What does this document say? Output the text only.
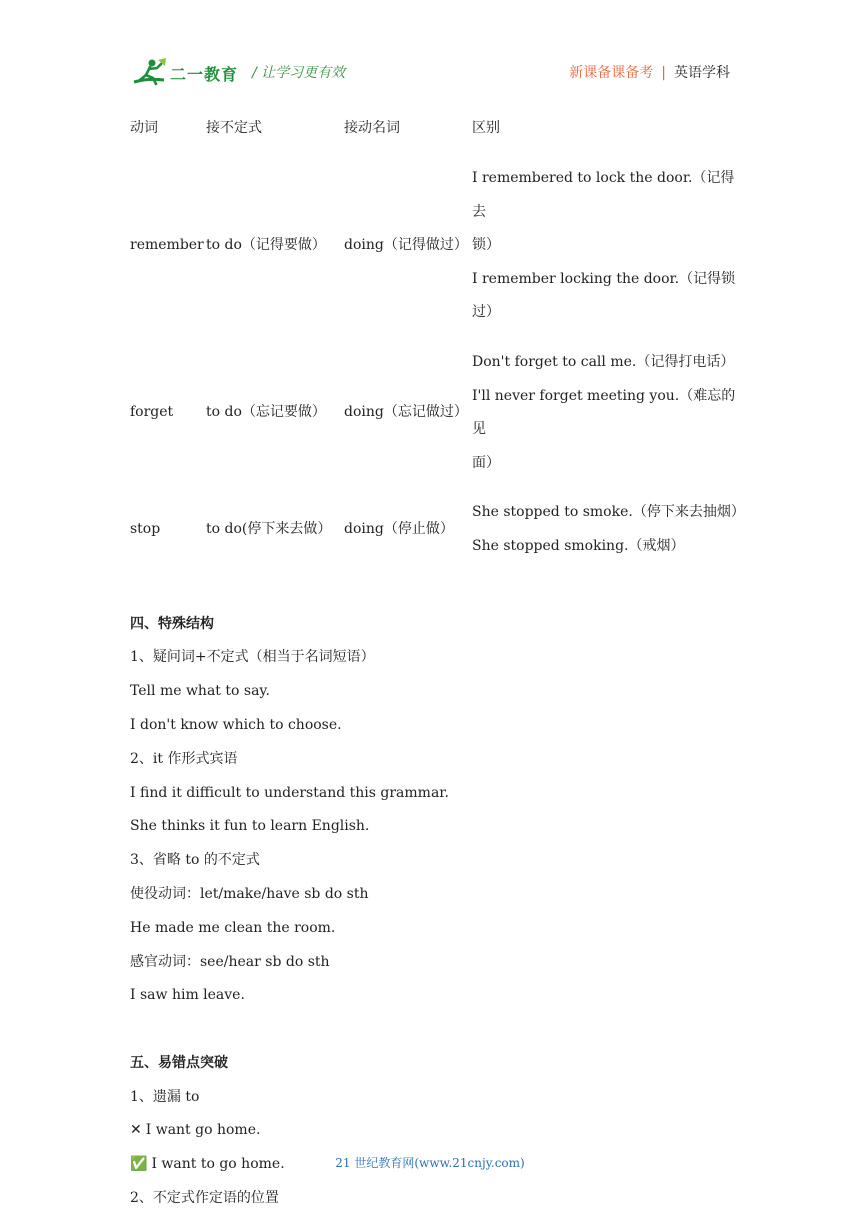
二一教育 / 让学习更有效	新课备课备考 | 英语学科
动词	接不定式	接动名词	区别

remember	to do（记得要做）	doing（记得做过）	I remembered to lock the door.（记得去
锁）
I remember locking the door.（记得锁过）

forget	to do（忘记要做）	doing（忘记做过）	Don't forget to call me.（记得打电话）
I'll never forget meeting you.（难忘的见
面）

stop	to do(停下来去做）	doing（停止做）	She stopped to smoke.（停下来去抽烟）
She stopped smoking.（戒烟）
四、特殊结构
1、疑问词+不定式（相当于名词短语）
Tell me what to say.
I don't know which to choose.
2、it 作形式宾语
I find it difficult to understand this grammar.
She thinks it fun to learn English.
3、省略 to 的不定式
使役动词：let/make/have sb do sth
He made me clean the room.
感官动词：see/hear sb do sth
I saw him leave.
五、易错点突破
1、遗漏 to
✕ I want go home.
✅ I want to go home.
2、不定式作定语的位置
21 世纪教育网(www.21cnjy.com)
